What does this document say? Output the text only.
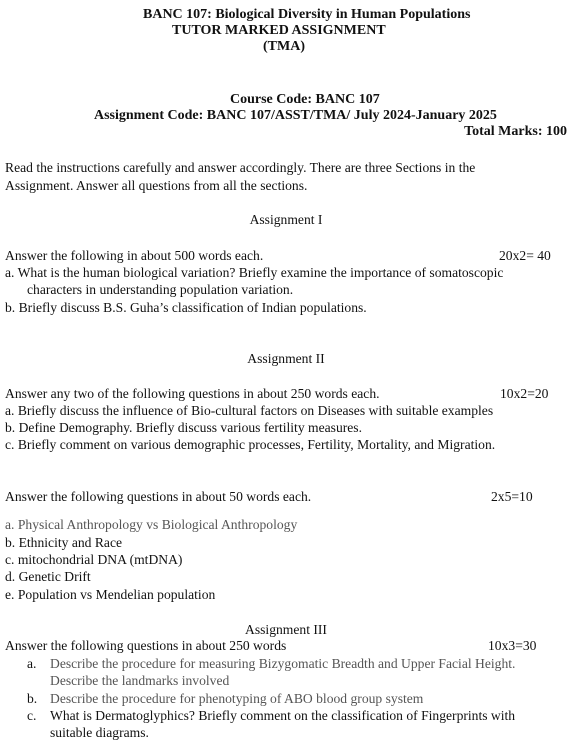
BANC 107: Biological Diversity in Human Populations
TUTOR MARKED ASSIGNMENT
(TMA)
Course Code: BANC 107
Assignment Code: BANC 107/ASST/TMA/ July 2024-January 2025
Total Marks: 100
Read the instructions carefully and answer accordingly. There are three Sections in the
Assignment. Answer all questions from all the sections.
Assignment I
Answer the following in about 500 words each.	20x2= 40
a. What is the human biological variation? Briefly examine the importance of somatoscopic
characters in understanding population variation.
b. Briefly discuss B.S. Guha’s classification of Indian populations.
Assignment II
Answer any two of the following questions in about 250 words each.	10x2=20
a. Briefly discuss the influence of Bio-cultural factors on Diseases with suitable examples
b. Define Demography. Briefly discuss various fertility measures.
c. Briefly comment on various demographic processes, Fertility, Mortality, and Migration.
Answer the following questions in about 50 words each.	2x5=10
a. Physical Anthropology vs Biological Anthropology
b. Ethnicity and Race
c. mitochondrial DNA (mtDNA)
d. Genetic Drift
e. Population vs Mendelian population
Assignment III
Answer the following questions in about 250 words	10x3=30
a. Describe the procedure for measuring Bizygomatic Breadth and Upper Facial Height.
Describe the landmarks involved
b. Describe the procedure for phenotyping of ABO blood group system
c. What is Dermatoglyphics? Briefly comment on the classification of Fingerprints with
suitable diagrams.
